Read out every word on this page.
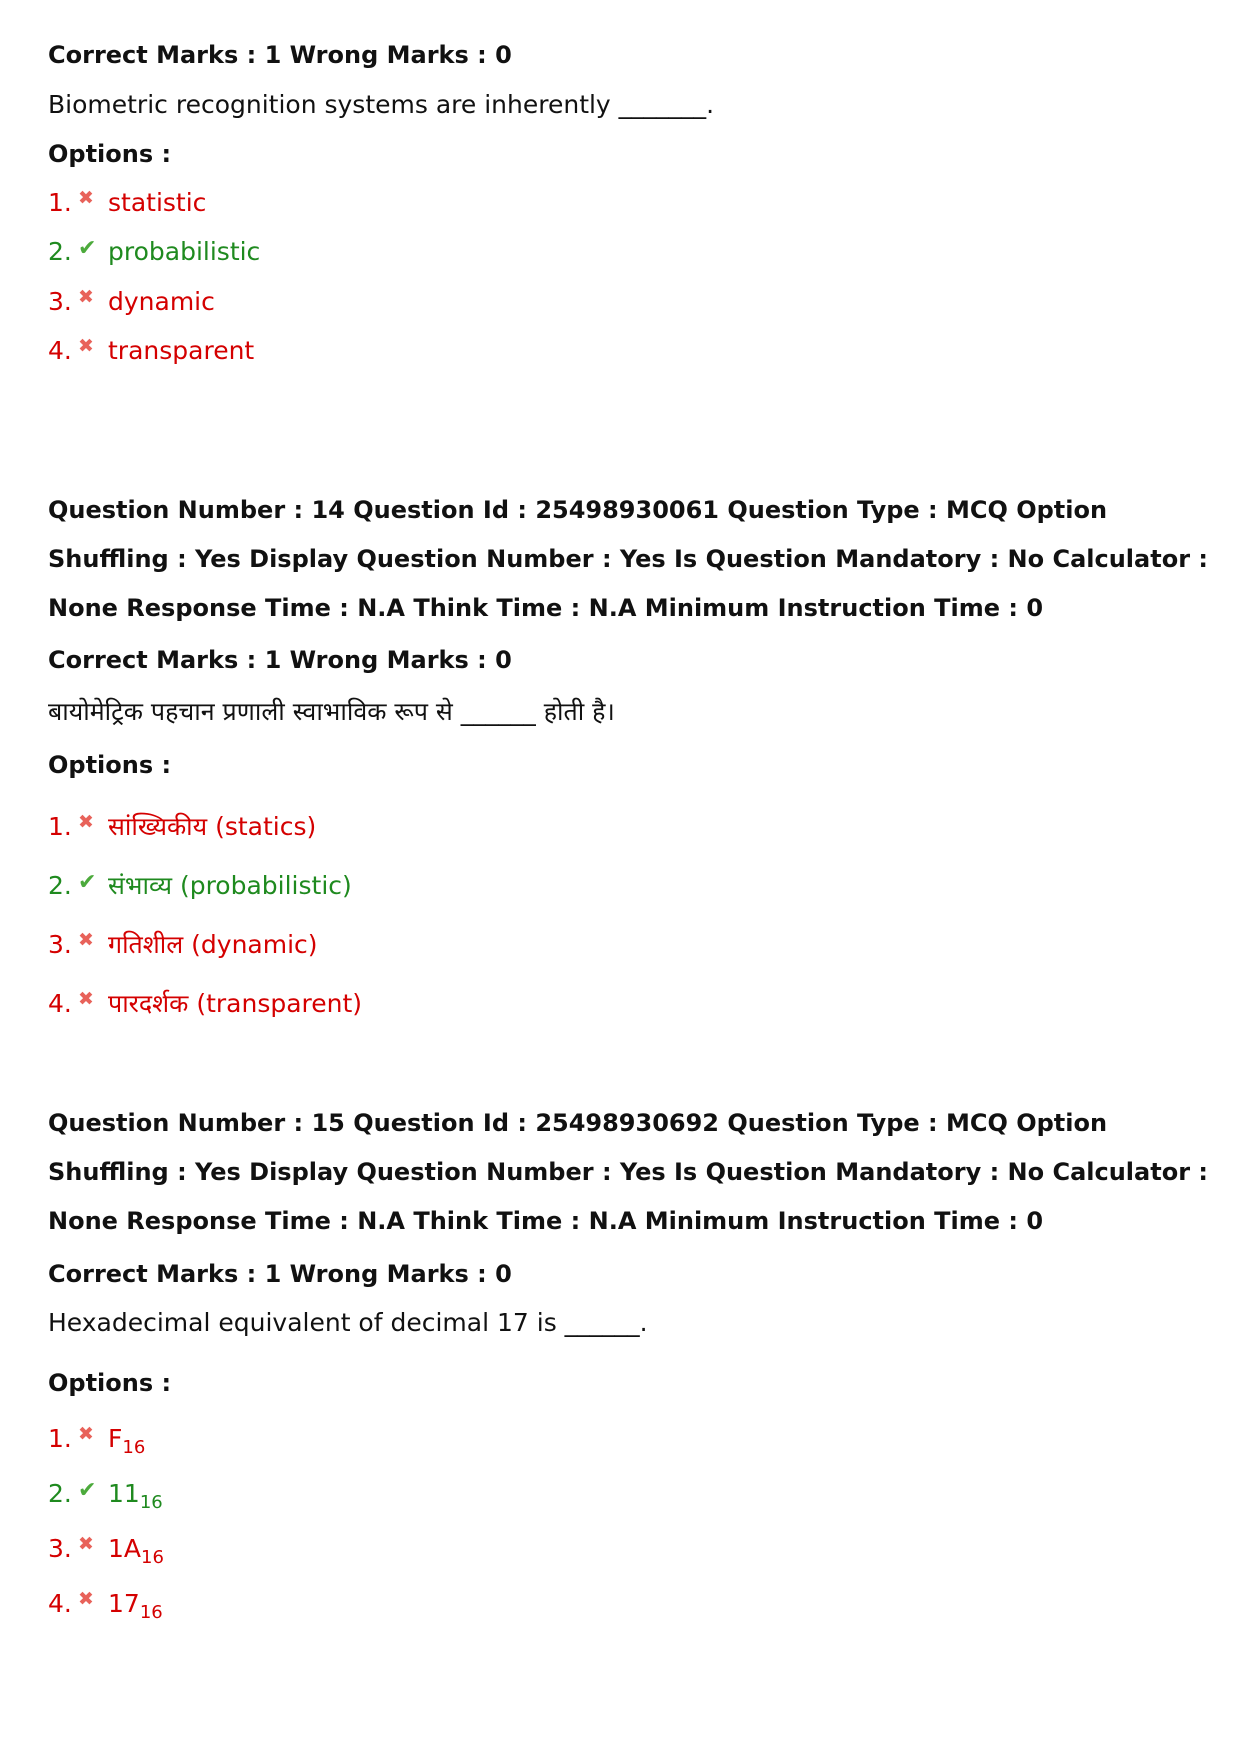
Correct Marks : 1 Wrong Marks : 0
Biometric recognition systems are inherently _______.
Options :
1. ✖ statistic
2. ✔ probabilistic
3. ✖ dynamic
4. ✖ transparent
Question Number : 14 Question Id : 25498930061 Question Type : MCQ Option Shuffling : Yes Display Question Number : Yes Is Question Mandatory : No Calculator : None Response Time : N.A Think Time : N.A Minimum Instruction Time : 0
Correct Marks : 1 Wrong Marks : 0
बायोमेट्रिक पहचान प्रणाली स्वाभाविक रूप से ______ होती है।
Options :
1. ✖ सांख्यिकीय (statics)
2. ✔ संभाव्य (probabilistic)
3. ✖ गतिशील (dynamic)
4. ✖ पारदर्शक (transparent)
Question Number : 15 Question Id : 25498930692 Question Type : MCQ Option Shuffling : Yes Display Question Number : Yes Is Question Mandatory : No Calculator : None Response Time : N.A Think Time : N.A Minimum Instruction Time : 0
Correct Marks : 1 Wrong Marks : 0
Hexadecimal equivalent of decimal 17 is ______.
Options :
1. ✖ $F_{16}$
2. ✔ $11_{16}$
3. ✖ $1A_{16}$
4. ✖ $17_{16}$
